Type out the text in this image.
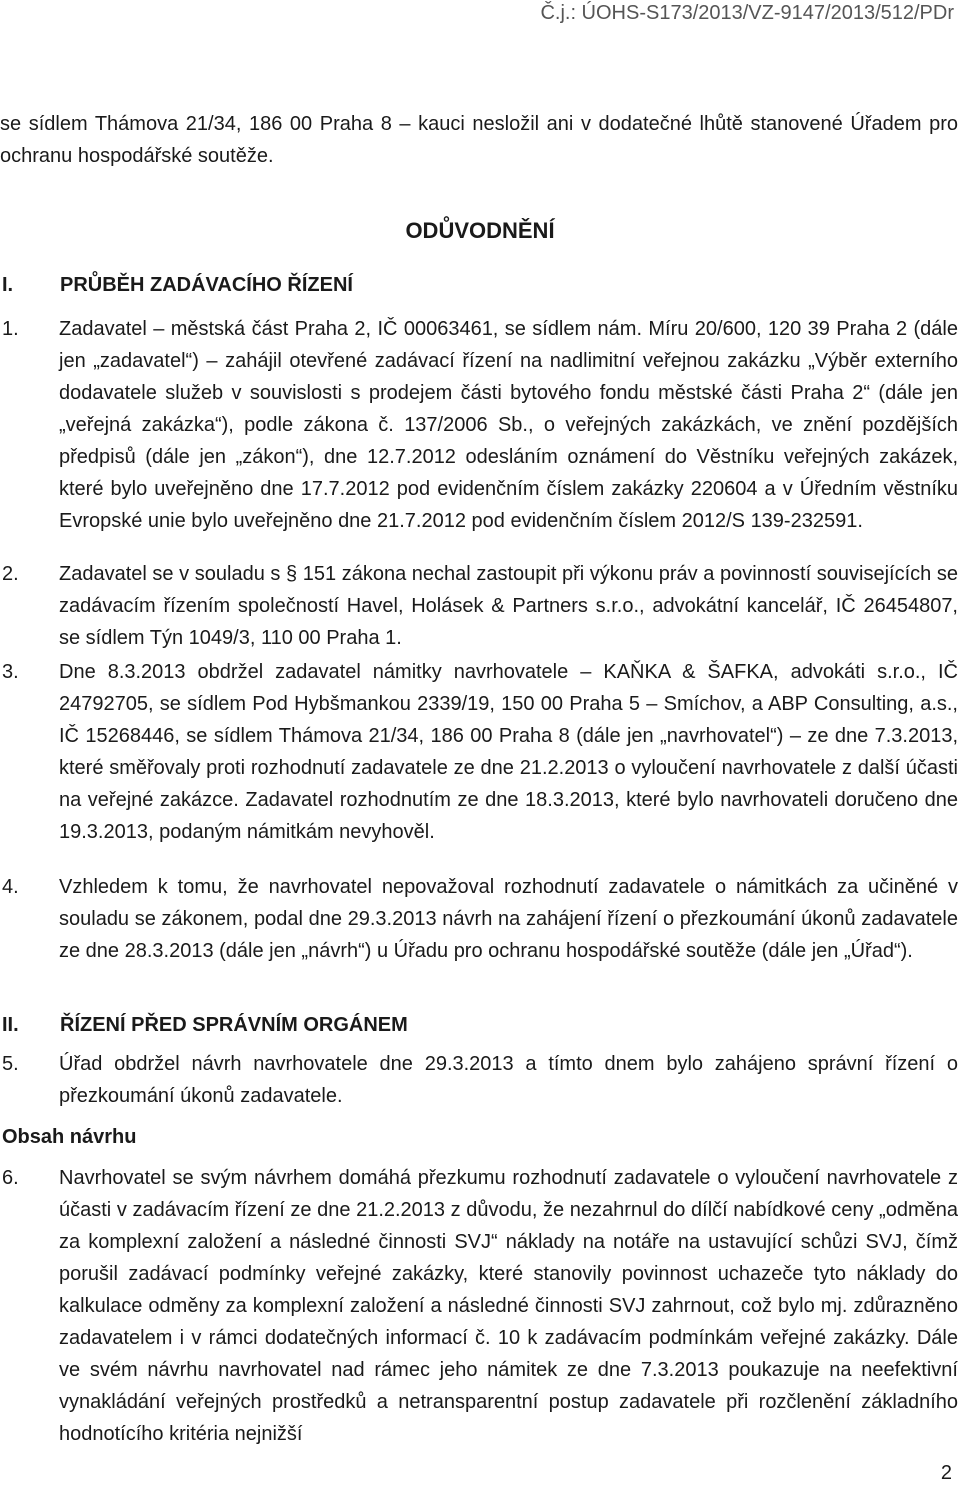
Č.j.: ÚOHS-S173/2013/VZ-9147/2013/512/PDr
se sídlem Thámova 21/34, 186 00 Praha 8 – kauci nesložil ani v dodatečné lhůtě stanovené Úřadem pro ochranu hospodářské soutěže.
ODŮVODNĚNÍ
I. PRŮBĚH ZADÁVACÍHO ŘÍZENÍ
1. Zadavatel – městská část Praha 2, IČ 00063461, se sídlem nám. Míru 20/600, 120 39 Praha 2 (dále jen „zadavatel“) – zahájil otevřené zadávací řízení na nadlimitní veřejnou zakázku „Výběr externího dodavatele služeb v souvislosti s prodejem části bytového fondu městské části Praha 2“ (dále jen „veřejná zakázka“), podle zákona č. 137/2006 Sb., o veřejných zakázkách, ve znění pozdějších předpisů (dále jen „zákon“), dne 12.7.2012 odesláním oznámení do Věstníku veřejných zakázek, které bylo uveřejněno dne 17.7.2012 pod evidenčním číslem zakázky 220604 a v Úředním věstníku Evropské unie bylo uveřejněno dne 21.7.2012 pod evidenčním číslem 2012/S 139-232591.
2. Zadavatel se v souladu s § 151 zákona nechal zastoupit při výkonu práv a povinností souvisejících se zadávacím řízením společností Havel, Holásek & Partners s.r.o., advokátní kancelář, IČ 26454807, se sídlem Týn 1049/3, 110 00 Praha 1.
3. Dne 8.3.2013 obdržel zadavatel námitky navrhovatele – KAŇKA & ŠAFKA, advokáti s.r.o., IČ 24792705, se sídlem Pod Hybšmankou 2339/19, 150 00 Praha 5 – Smíchov, a ABP Consulting, a.s., IČ 15268446, se sídlem Thámova 21/34, 186 00 Praha 8 (dále jen „navrhovatel“) – ze dne 7.3.2013, které směřovaly proti rozhodnutí zadavatele ze dne 21.2.2013 o vyloučení navrhovatele z další účasti na veřejné zakázce. Zadavatel rozhodnutím ze dne 18.3.2013, které bylo navrhovateli doručeno dne 19.3.2013, podaným námitkám nevyhověl.
4. Vzhledem k tomu, že navrhovatel nepovažoval rozhodnutí zadavatele o námitkách za učiněné v souladu se zákonem, podal dne 29.3.2013 návrh na zahájení řízení o přezkoumání úkonů zadavatele ze dne 28.3.2013 (dále jen „návrh“) u Úřadu pro ochranu hospodářské soutěže (dále jen „Úřad“).
II. ŘÍZENÍ PŘED SPRÁVNÍM ORGÁNEM
5. Úřad obdržel návrh navrhovatele dne 29.3.2013 a tímto dnem bylo zahájeno správní řízení o přezkoumání úkonů zadavatele.
Obsah návrhu
6. Navrhovatel se svým návrhem domáhá přezkumu rozhodnutí zadavatele o vyloučení navrhovatele z účasti v zadávacím řízení ze dne 21.2.2013 z důvodu, že nezahrnul do dílčí nabídkové ceny „odměna za komplexní založení a následné činnosti SVJ“ náklady na notáře na ustavující schůzi SVJ, čímž porušil zadávací podmínky veřejné zakázky, které stanovily povinnost uchazeče tyto náklady do kalkulace odměny za komplexní založení a následné činnosti SVJ zahrnout, což bylo mj. zdůrazněno zadavatelem i v rámci dodatečných informací č. 10 k zadávacím podmínkám veřejné zakázky. Dále ve svém návrhu navrhovatel nad rámec jeho námitek ze dne 7.3.2013 poukazuje na neefektivní vynakládání veřejných prostředků a netransparentní postup zadavatele při rozčlenění základního hodnotícího kritéria nejnižší
2
